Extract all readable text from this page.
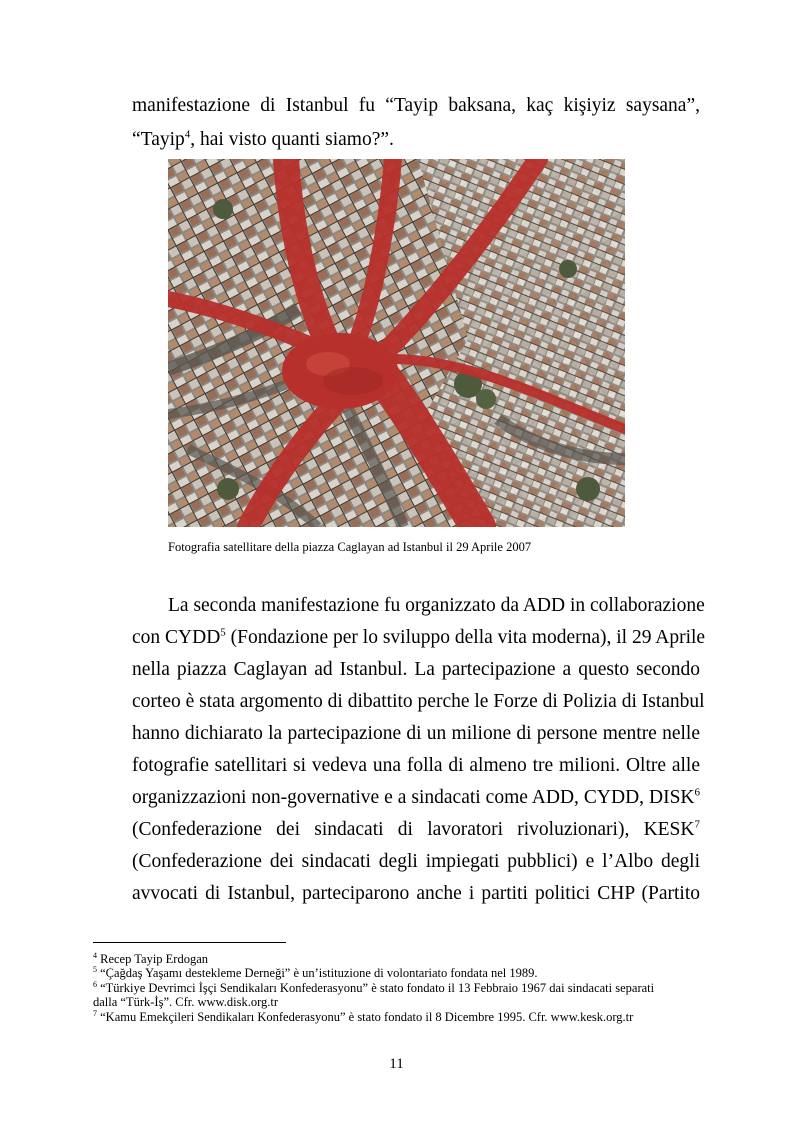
manifestazione di Istanbul fu “Tayip baksana, kaç kişiyiz saysana”,
“Tayip$^4$, hai visto quanti siamo?”.
Fotografia satellitare della piazza Caglayan ad Istanbul il 29 Aprile 2007
La seconda manifestazione fu organizzato da ADD in collaborazione
con CYDD$^5$ (Fondazione per lo sviluppo della vita moderna), il 29 Aprile
nella piazza Caglayan ad Istanbul. La partecipazione a questo secondo
corteo è stata argomento di dibattito perche le Forze di Polizia di Istanbul
hanno dichiarato la partecipazione di un milione di persone mentre nelle
fotografie satellitari si vedeva una folla di almeno tre milioni. Oltre alle
organizzazioni non-governative e a sindacati come ADD, CYDD, DISK$^6$
(Confederazione dei sindacati di lavoratori rivoluzionari), KESK$^7$
(Confederazione dei sindacati degli impiegati pubblici) e l’Albo degli
avvocati di Istanbul, parteciparono anche i partiti politici CHP (Partito
$^4$ Recep Tayip Erdogan
$^5$ “Çağdaş Yaşamı destekleme Derneği” è un’istituzione di volontariato fondata nel 1989.
$^6$ “Türkiye Devrimci İşçi Sendikaları Konfederasyonu” è stato fondato il 13 Febbraio 1967 dai sindacati separati
dalla “Türk-İş”. Cfr. www.disk.org.tr
$^7$ “Kamu Emekçileri Sendikaları Konfederasyonu” è stato fondato il 8 Dicembre 1995. Cfr. www.kesk.org.tr
11
